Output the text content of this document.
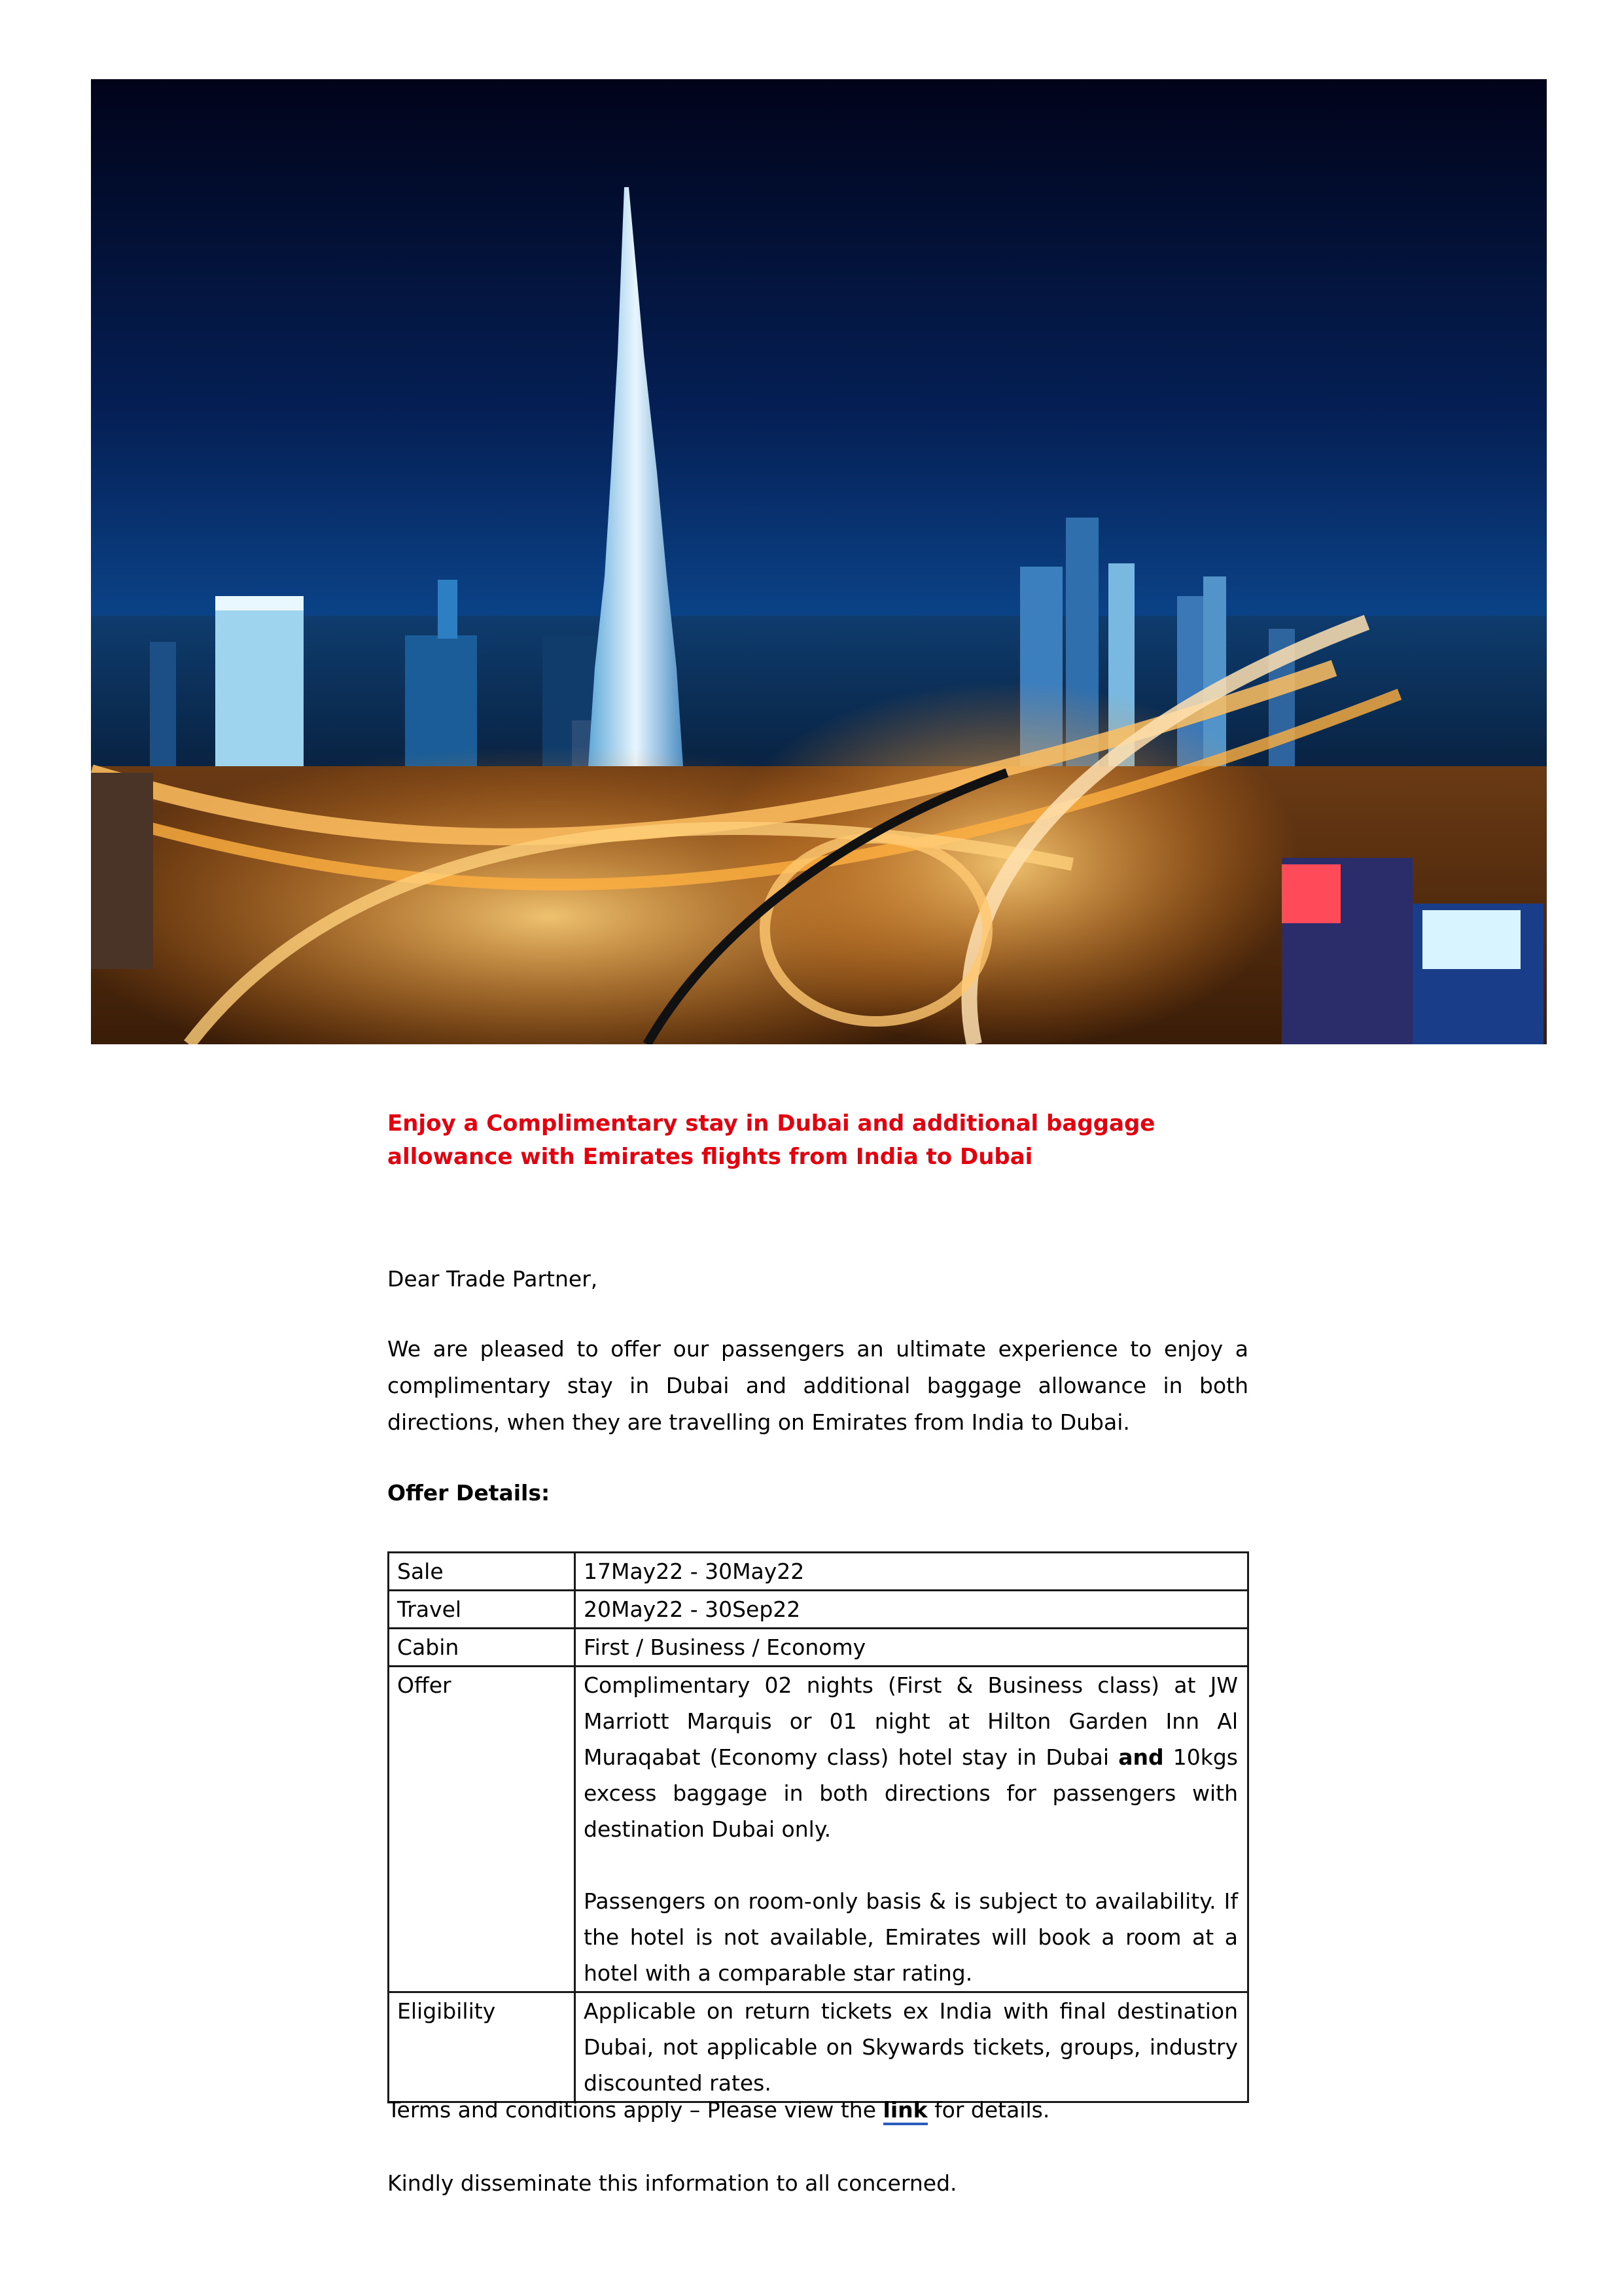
Enjoy a Complimentary stay in Dubai and additional baggage allowance with Emirates flights from India to Dubai
Dear Trade Partner,
We are pleased to offer our passengers an ultimate experience to enjoy a complimentary stay in Dubai and additional baggage allowance in both directions, when they are travelling on Emirates from India to Dubai.
Offer Details:
Sale	17May22 - 30May22
Travel	20May22 - 30Sep22
Cabin	First / Business / Economy
Offer	Complimentary 02 nights (First & Business class) at JW Marriott Marquis or 01 night at Hilton Garden Inn Al Muraqabat (Economy class) hotel stay in Dubai and 10kgs excess baggage in both directions for passengers with destination Dubai only.
Passengers on room-only basis & is subject to availability. If the hotel is not available, Emirates will book a room at a hotel with a comparable star rating.

Eligibility	Applicable on return tickets ex India with final destination Dubai, not applicable on Skywards tickets, groups, industry discounted rates.
Terms and conditions apply – Please view the link for details.
Kindly disseminate this information to all concerned.
